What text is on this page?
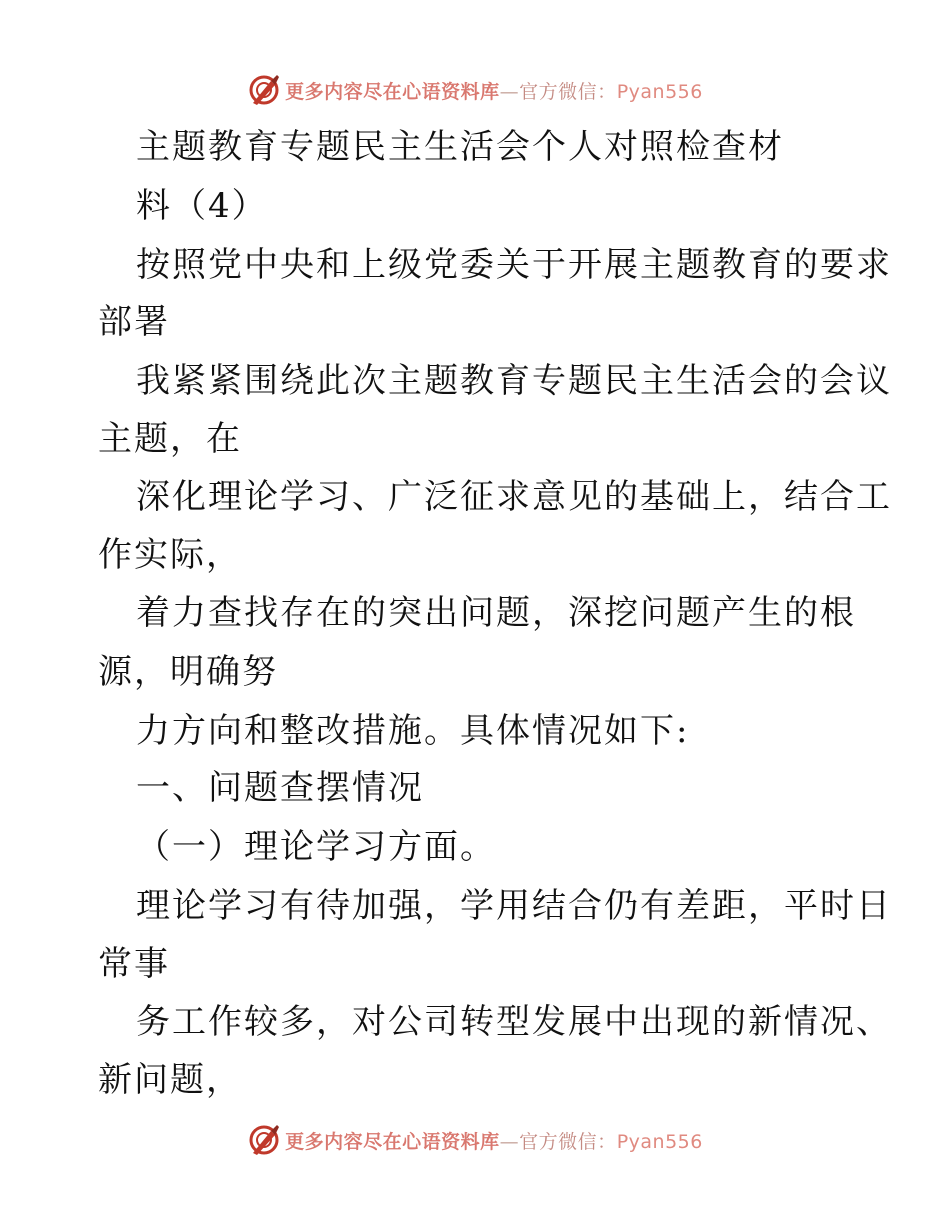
更多内容尽在心语资料库—官方微信：Pyan556
主题教育专题民主生活会个人对照检查材
料（4）
按照党中央和上级党委关于开展主题教育的要求
部署
我紧紧围绕此次主题教育专题民主生活会的会议
主题，在
深化理论学习、广泛征求意见的基础上，结合工
作实际，
着力查找存在的突出问题，深挖问题产生的根
源，明确努
力方向和整改措施。具体情况如下:
一、问题查摆情况
（一）理论学习方面。
理论学习有待加强，学用结合仍有差距，平时日
常事
务工作较多，对公司转型发展中出现的新情况、
新问题，
更多内容尽在心语资料库—官方微信：Pyan556
